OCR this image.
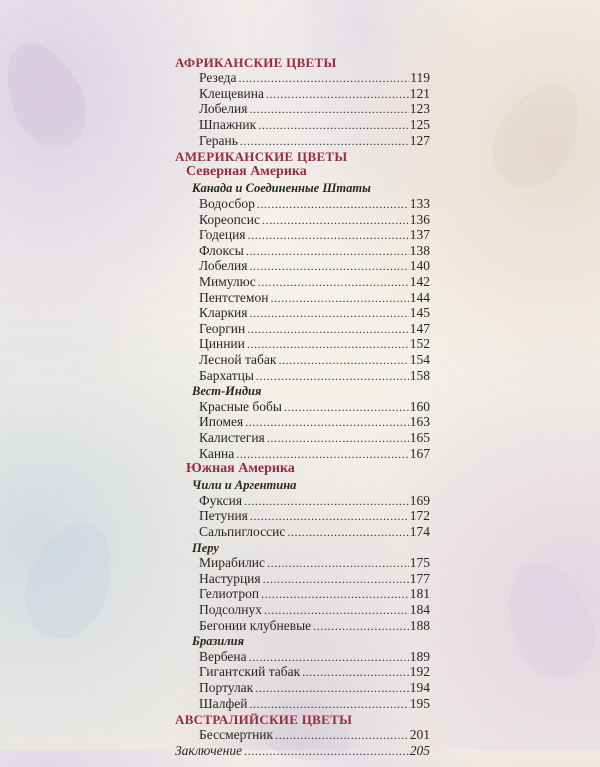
АФРИКАНСКИЕ ЦВЕТЫ
Резеда . . .	119
Клещевина . . .	121
Лобелия . . .	123
Шпажник . . .	125
Герань . . .	127
АМЕРИКАНСКИЕ ЦВЕТЫ
Северная Америка
Канада и Соединенные Штаты
Водосбор . . .	133
Кореопсис . . .	136
Годеция . . .	137
Флоксы . . .	138
Лобелия . . .	140
Мимулюс . . .	142
Пентстемон . . .	144
Кларкия . . .	145
Георгин . . .	147
Циннии . . .	152
Лесной табак . . .	154
Бархатцы . . .	158
Вест-Индия
Красные бобы . . .	160
Ипомея . . .	163
Калистегия . . .	165
Канна . . .	167
Южная Америка
Чили и Аргентина
Фуксия . . .	169
Петуния . . .	172
Сальпиглоссис . . .	174
Перу
Мирабилис . . .	175
Настурция . . .	177
Гелиотроп . . .	181
Подсолнух . . .	184
Бегонии клубневые . . .	188
Бразилия
Вербена . . .	189
Гигантский табак . . .	192
Портулак . . .	194
Шалфей . . .	195
АВСТРАЛИЙСКИЕ ЦВЕТЫ
Бессмертник . . .	201
Заключение . . .	205
